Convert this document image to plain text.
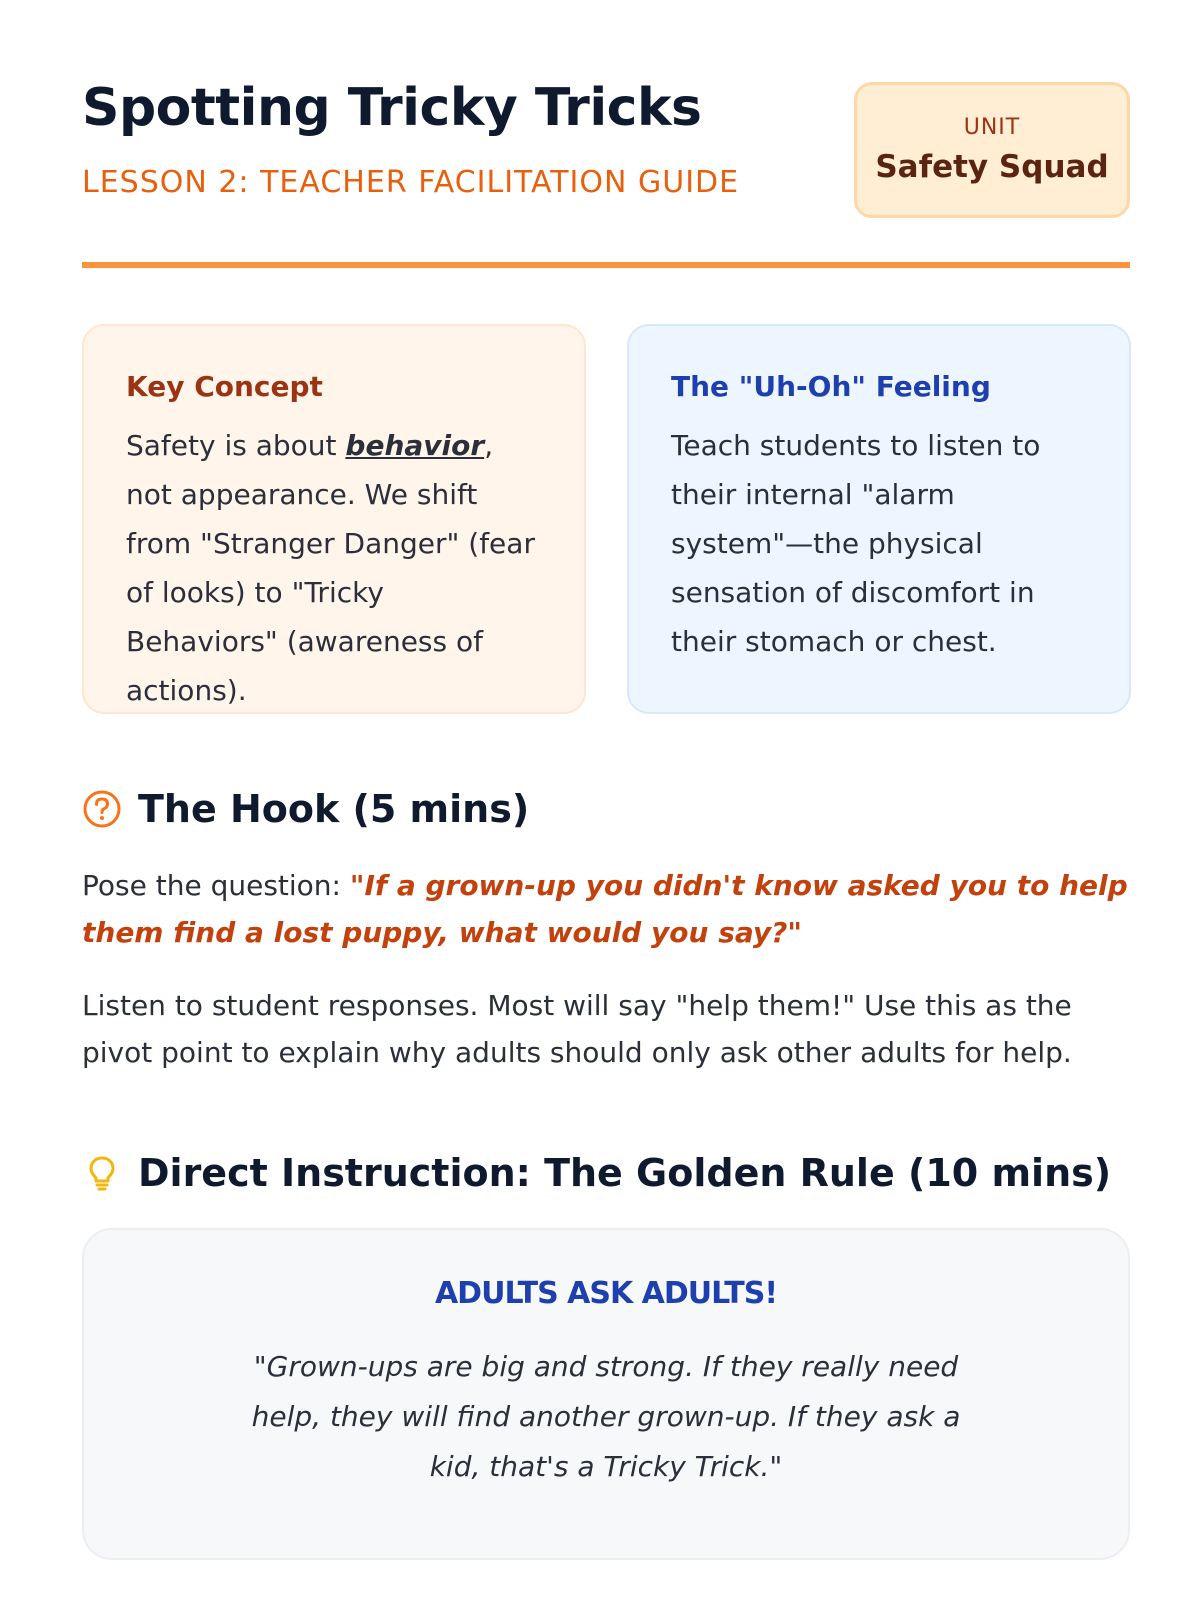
Spotting Tricky Tricks
LESSON 2: TEACHER FACILITATION GUIDE
UNIT
Safety Squad
Key Concept

Safety is about behavior, not appearance. We shift from "Stranger Danger" (fear of looks) to "Tricky Behaviors" (awareness of actions).

The "Uh-Oh" Feeling

Teach students to listen to their internal "alarm system"—the physical sensation of discomfort in their stomach or chest.

The Hook (5 mins)

Pose the question: "If a grown-up you didn't know asked you to help them find a lost puppy, what would you say?"

Listen to student responses. Most will say "help them!" Use this as the pivot point to explain why adults should only ask other adults for help.

Direct Instruction: The Golden Rule (10 mins)
ADULTS ASK ADULTS!

"Grown-ups are big and strong. If they really need help, they will find another grown-up. If they ask a kid, that's a Tricky Trick."
